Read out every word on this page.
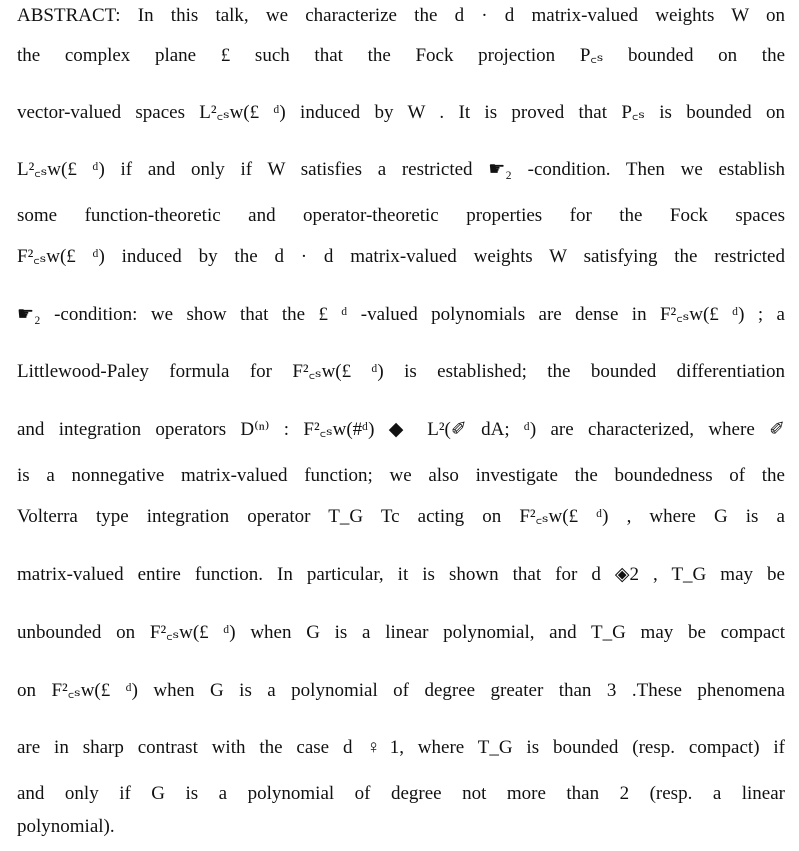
ABSTRACT: In this talk, we characterize the d · d matrix-valued weights W on
the complex plane £ such that the Fock projection P꜀ₛ bounded on the
vector-valued spaces L²꜀ₛw(£ ᵈ) induced by W . It is proved that P꜀ₛ is bounded on
L²꜀ₛw(£ ᵈ) if and only if W satisfies a restricted ☛₂ -condition. Then we establish
some function-theoretic and operator-theoretic properties for the Fock spaces
F²꜀ₛw(£ ᵈ) induced by the d · d matrix-valued weights W satisfying the restricted
☛₂ -condition: we show that the £ ᵈ -valued polynomials are dense in F²꜀ₛw(£ ᵈ) ; a
Littlewood-Paley formula for F²꜀ₛw(£ ᵈ) is established; the bounded differentiation
and integration operators D⁽ⁿ⁾ : F²꜀ₛw(#ᵈ) ◆ L²(✐ dA; ᵈ) are characterized, where ✐
is a nonnegative matrix-valued function; we also investigate the boundedness of the
Volterra type integration operator T_G Tc acting on F²꜀ₛw(£ ᵈ) , where G is a
matrix-valued entire function. In particular, it is shown that for d ◈2 , T_G may be
unbounded on F²꜀ₛw(£ ᵈ) when G is a linear polynomial, and T_G may be compact
on F²꜀ₛw(£ ᵈ) when G is a polynomial of degree greater than 3 .These phenomena
are in sharp contrast with the case d ♀1, where T_G is bounded (resp. compact) if
and only if G is a polynomial of degree not more than 2 (resp. a linear
polynomial).
